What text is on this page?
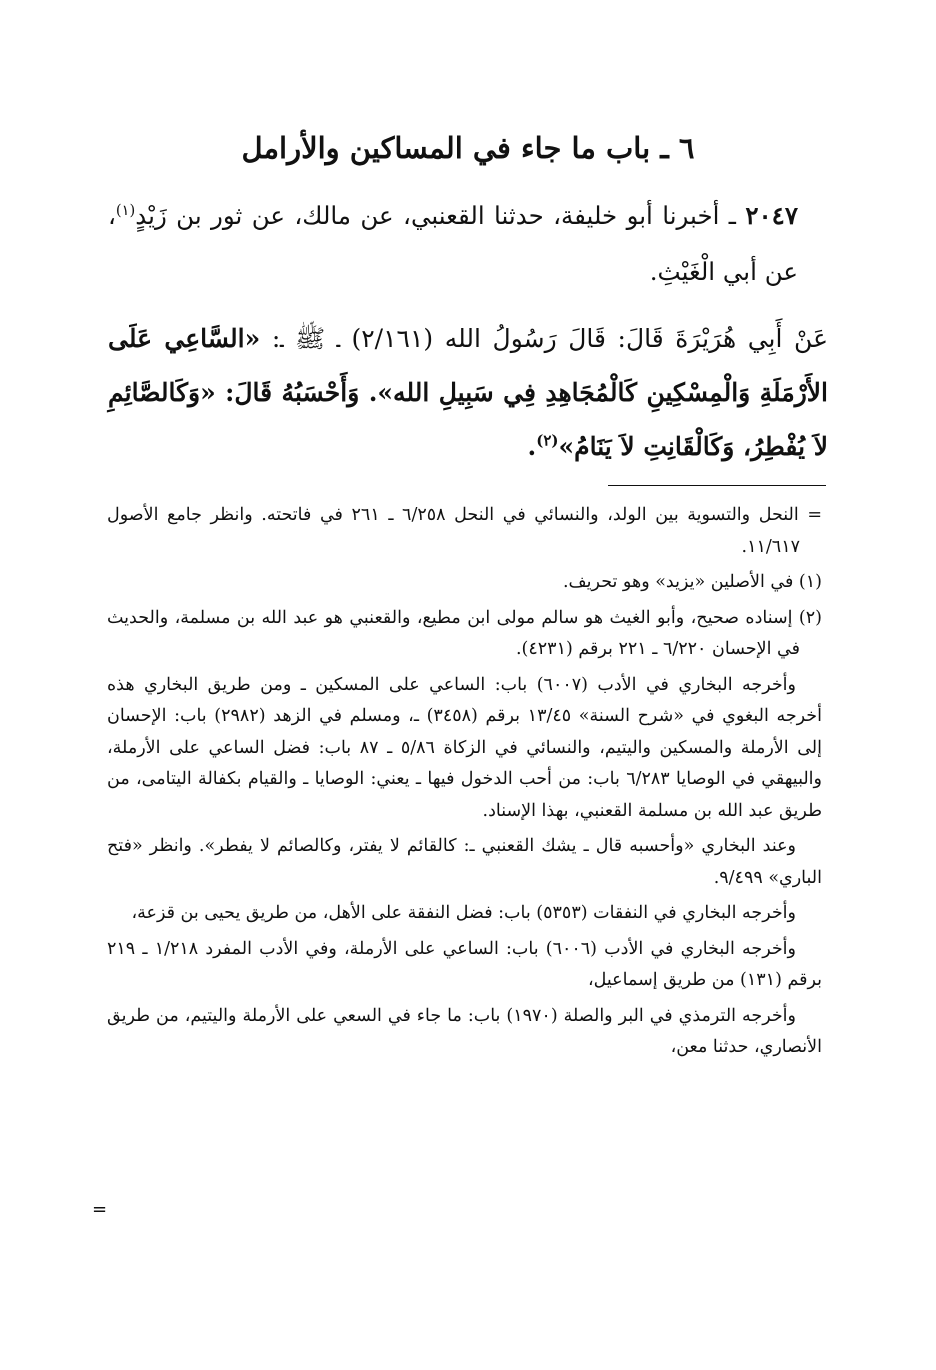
٦ ـ باب ما جاء في المساكين والأرامل

٢٠٤٧ ـ أخبرنا أبو خليفة، حدثنا القعنبي، عن مالك، عن ثور بن زَيْدٍ$^{(١)}$، عن أبي الْغَيْثِ.

عَنْ أَبِي هُرَيْرَةَ قَالَ: قَالَ رَسُولُ الله (٢/١٦١) ـ ﷺ ـ: «السَّاعِي عَلَى الأَرْمَلَةِ وَالْمِسْكِينِ كَالْمُجَاهِدِ فِي سَبِيلِ الله». وَأَحْسَبُهُ قَالَ: «وَكَالصَّائِمِ لاَ يُفْطِرُ، وَكَالْقَانِتِ لاَ يَنَامُ»$^{(٢)}$.

= النحل والتسوية بين الولد، والنسائي في النحل ٦/٢٥٨ ـ ٢٦١ في فاتحته. وانظر جامع الأصول ١١/٦١٧.

(١) في الأصلين «يزيد» وهو تحريف.

(٢) إسناده صحيح، وأبو الغيث هو سالم مولى ابن مطيع، والقعنبي هو عبد الله بن مسلمة، والحديث في الإحسان ٦/٢٢٠ ـ ٢٢١ برقم (٤٢٣١).

وأخرجه البخاري في الأدب (٦٠٠٧) باب: الساعي على المسكين ـ ومن طريق البخاري هذه أخرجه البغوي في «شرح السنة» ١٣/٤٥ برقم (٣٤٥٨) ـ، ومسلم في الزهد (٢٩٨٢) باب: الإحسان إلى الأرملة والمسكين واليتيم، والنسائي في الزكاة ٥/٨٦ ـ ٨٧ باب: فضل الساعي على الأرملة، والبيهقي في الوصايا ٦/٢٨٣ باب: من أحب الدخول فيها ـ يعني: الوصايا ـ والقيام بكفالة اليتامى، من طريق عبد الله بن مسلمة القعنبي، بهذا الإسناد.

وعند البخاري «وأحسبه قال ـ يشك القعنبي ـ: كالقائم لا يفتر، وكالصائم لا يفطر». وانظر «فتح الباري» ٩/٤٩٩.

وأخرجه البخاري في النفقات (٥٣٥٣) باب: فضل النفقة على الأهل، من طريق يحيى بن قزعة،

وأخرجه البخاري في الأدب (٦٠٠٦) باب: الساعي على الأرملة، وفي الأدب المفرد ١/٢١٨ ـ ٢١٩ برقم (١٣١) من طريق إسماعيل،

وأخرجه الترمذي في البر والصلة (١٩٧٠) باب: ما جاء في السعي على الأرملة واليتيم، من طريق الأنصاري، حدثنا معن،

=
